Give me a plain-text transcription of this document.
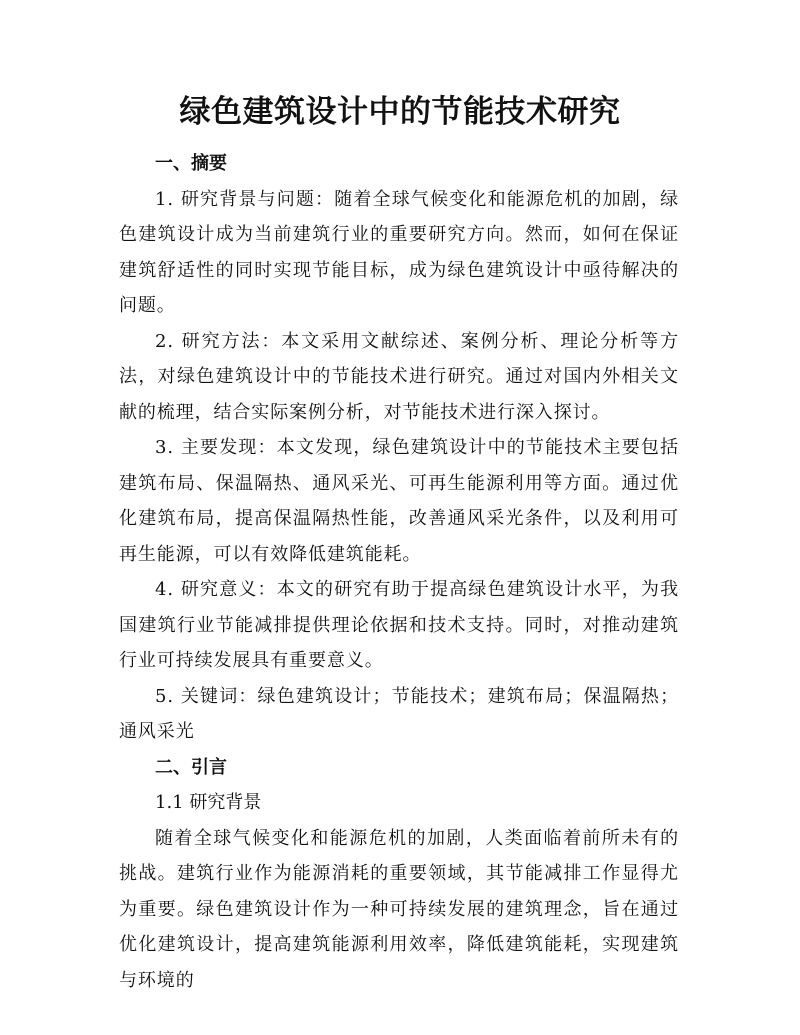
绿色建筑设计中的节能技术研究

一、摘要

1. 研究背景与问题：随着全球气候变化和能源危机的加剧，绿色建筑设计成为当前建筑行业的重要研究方向。然而，如何在保证建筑舒适性的同时实现节能目标，成为绿色建筑设计中亟待解决的问题。

2. 研究方法：本文采用文献综述、案例分析、理论分析等方法，对绿色建筑设计中的节能技术进行研究。通过对国内外相关文献的梳理，结合实际案例分析，对节能技术进行深入探讨。

3. 主要发现：本文发现，绿色建筑设计中的节能技术主要包括建筑布局、保温隔热、通风采光、可再生能源利用等方面。通过优化建筑布局，提高保温隔热性能，改善通风采光条件，以及利用可再生能源，可以有效降低建筑能耗。

4. 研究意义：本文的研究有助于提高绿色建筑设计水平，为我国建筑行业节能减排提供理论依据和技术支持。同时，对推动建筑行业可持续发展具有重要意义。

5. 关键词：绿色建筑设计；节能技术；建筑布局；保温隔热；通风采光

二、引言

1.1 研究背景

随着全球气候变化和能源危机的加剧，人类面临着前所未有的挑战。建筑行业作为能源消耗的重要领域，其节能减排工作显得尤为重要。绿色建筑设计作为一种可持续发展的建筑理念，旨在通过优化建筑设计，提高建筑能源利用效率，降低建筑能耗，实现建筑与环境的
